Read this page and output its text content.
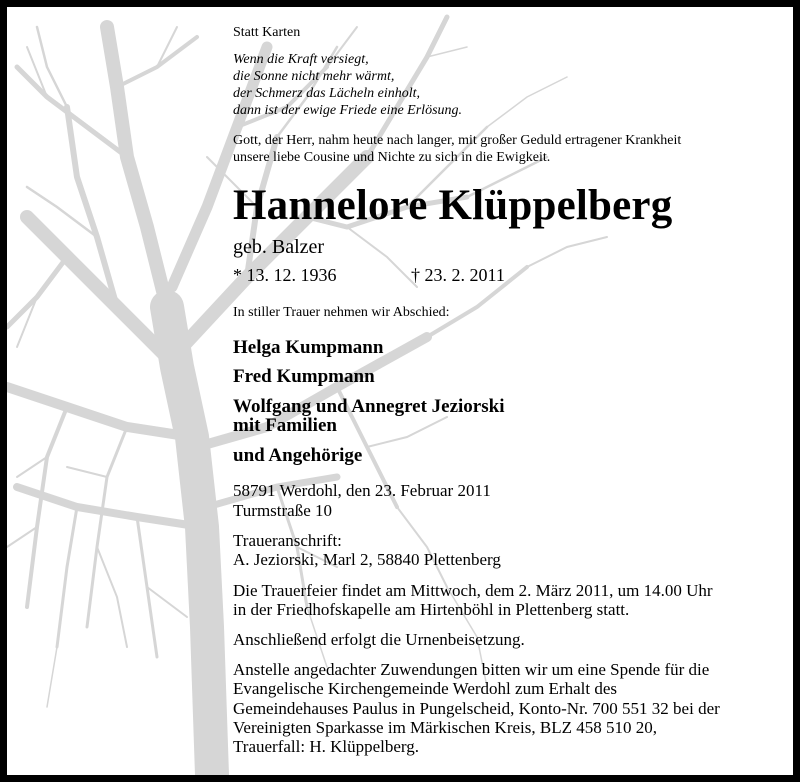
Statt Karten
Wenn die Kraft versiegt,
die Sonne nicht mehr wärmt,
der Schmerz das Lächeln einholt,
dann ist der ewige Friede eine Erlösung.
Gott, der Herr, nahm heute nach langer, mit großer Geduld ertragener Krankheit
unsere liebe Cousine und Nichte zu sich in die Ewigkeit.
Hannelore Klüppelberg
geb. Balzer
* 13. 12. 1936	† 23. 2. 2011
In stiller Trauer nehmen wir Abschied:
Helga Kumpmann
Fred Kumpmann
Wolfgang und Annegret Jeziorski
mit Familien
und Angehörige
58791 Werdohl, den 23. Februar 2011
Turmstraße 10
Traueranschrift:
A. Jeziorski, Marl 2, 58840 Plettenberg
Die Trauerfeier findet am Mittwoch, dem 2. März 2011, um 14.00 Uhr
in der Friedhofskapelle am Hirtenböhl in Plettenberg statt.
Anschließend erfolgt die Urnenbeisetzung.
Anstelle angedachter Zuwendungen bitten wir um eine Spende für die
Evangelische Kirchengemeinde Werdohl zum Erhalt des
Gemeindehauses Paulus in Pungelscheid, Konto-Nr. 700 551 32 bei der
Vereinigten Sparkasse im Märkischen Kreis, BLZ 458 510 20,
Trauerfall: H. Klüppelberg.
